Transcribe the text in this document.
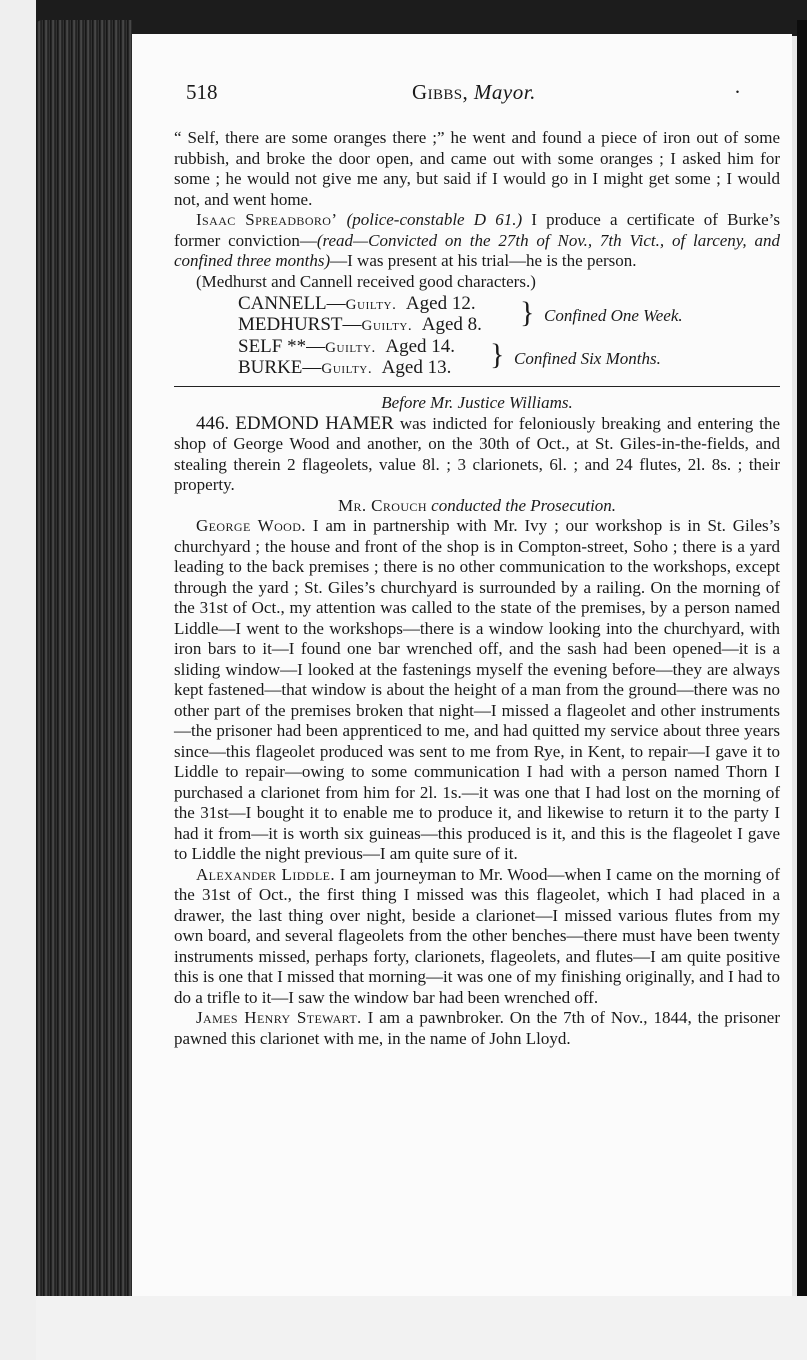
518	Gibbs, Mayor.	·

“ Self, there are some oranges there ;” he went and found a piece of iron out of some rubbish, and broke the door open, and came out with some oranges ; I asked him for some ; he would not give me any, but said if I would go in I might get some ; I would not, and went home.

Isaac Spreadboro’ (police-constable D 61.) I produce a certificate of Burke’s former conviction—(read—Convicted on the 27th of Nov., 7th Vict., of larceny, and confined three months)—I was present at his trial—he is the person.

(Medhurst and Cannell received good characters.)

CANNELL—Guilty. Aged 12.
MEDHURST—Guilty. Aged 8. } Confined One Week.
SELF **—Guilty. Aged 14.
BURKE—Guilty. Aged 13. } Confined Six Months.

Before Mr. Justice Williams.

446. EDMOND HAMER was indicted for feloniously breaking and entering the shop of George Wood and another, on the 30th of Oct., at St. Giles-in-the-fields, and stealing therein 2 flageolets, value 8l. ; 3 clarionets, 6l. ; and 24 flutes, 2l. 8s. ; their property.

Mr. Crouch conducted the Prosecution.

George Wood. I am in partnership with Mr. Ivy ; our workshop is in St. Giles’s churchyard ; the house and front of the shop is in Compton-street, Soho ; there is a yard leading to the back premises ; there is no other communication to the workshops, except through the yard ; St. Giles’s churchyard is surrounded by a railing. On the morning of the 31st of Oct., my attention was called to the state of the premises, by a person named Liddle—I went to the workshops—there is a window looking into the churchyard, with iron bars to it—I found one bar wrenched off, and the sash had been opened—it is a sliding window—I looked at the fastenings myself the evening before—they are always kept fastened—that window is about the height of a man from the ground—there was no other part of the premises broken that night—I missed a flageolet and other instruments—the prisoner had been apprenticed to me, and had quitted my service about three years since—this flageolet produced was sent to me from Rye, in Kent, to repair—I gave it to Liddle to repair—owing to some communication I had with a person named Thorn I purchased a clarionet from him for 2l. 1s.—it was one that I had lost on the morning of the 31st—I bought it to enable me to produce it, and likewise to return it to the party I had it from—it is worth six guineas—this produced is it, and this is the flageolet I gave to Liddle the night previous—I am quite sure of it.

Alexander Liddle. I am journeyman to Mr. Wood—when I came on the morning of the 31st of Oct., the first thing I missed was this flageolet, which I had placed in a drawer, the last thing over night, beside a clarionet—I missed various flutes from my own board, and several flageolets from the other benches—there must have been twenty instruments missed, perhaps forty, clarionets, flageolets, and flutes—I am quite positive this is one that I missed that morning—it was one of my finishing originally, and I had to do a trifle to it—I saw the window bar had been wrenched off.

James Henry Stewart. I am a pawnbroker. On the 7th of Nov., 1844, the prisoner pawned this clarionet with me, in the name of John Lloyd.
